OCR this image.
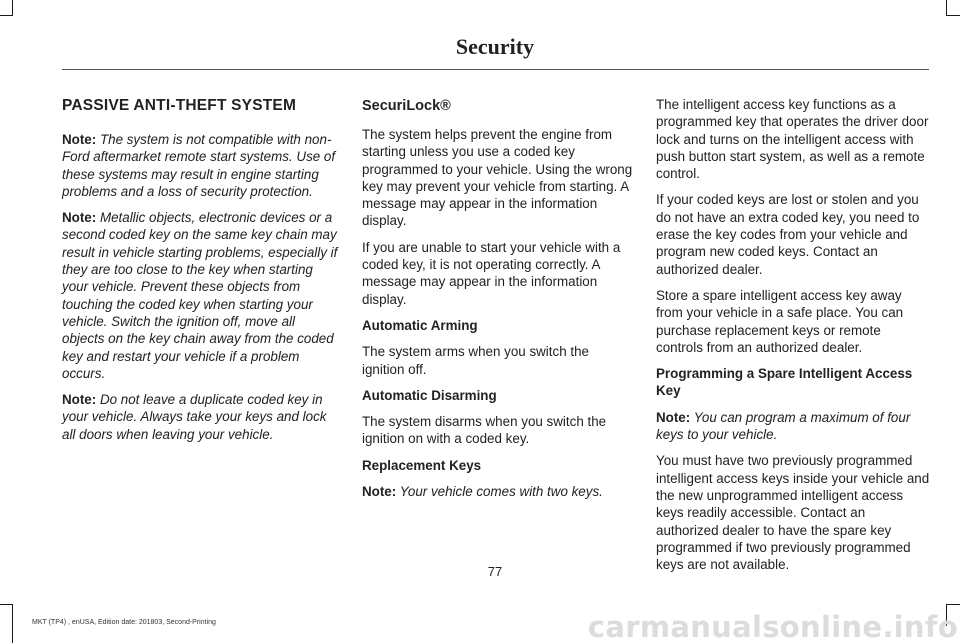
Security

PASSIVE ANTI-THEFT SYSTEM

Note: The system is not compatible with non-Ford aftermarket remote start systems. Use of these systems may result in engine starting problems and a loss of security protection.

Note: Metallic objects, electronic devices or a second coded key on the same key chain may result in vehicle starting problems, especially if they are too close to the key when starting your vehicle. Prevent these objects from touching the coded key when starting your vehicle. Switch the ignition off, move all objects on the key chain away from the coded key and restart your vehicle if a problem occurs.

Note: Do not leave a duplicate coded key in your vehicle. Always take your keys and lock all doors when leaving your vehicle.

SecuriLock®

The system helps prevent the engine from starting unless you use a coded key programmed to your vehicle. Using the wrong key may prevent your vehicle from starting. A message may appear in the information display.

If you are unable to start your vehicle with a coded key, it is not operating correctly. A message may appear in the information display.

Automatic Arming

The system arms when you switch the ignition off.

Automatic Disarming

The system disarms when you switch the ignition on with a coded key.

Replacement Keys

Note: Your vehicle comes with two keys.

The intelligent access key functions as a programmed key that operates the driver door lock and turns on the intelligent access with push button start system, as well as a remote control.

If your coded keys are lost or stolen and you do not have an extra coded key, you need to erase the key codes from your vehicle and program new coded keys. Contact an authorized dealer.

Store a spare intelligent access key away from your vehicle in a safe place. You can purchase replacement keys or remote controls from an authorized dealer.

Programming a Spare Intelligent Access Key

Note: You can program a maximum of four keys to your vehicle.

You must have two previously programmed intelligent access keys inside your vehicle and the new unprogrammed intelligent access keys readily accessible. Contact an authorized dealer to have the spare key programmed if two previously programmed keys are not available.

77
MKT (TP4) , enUSA, Edition date: 201803, Second-Printing	carmanualsonline.info
